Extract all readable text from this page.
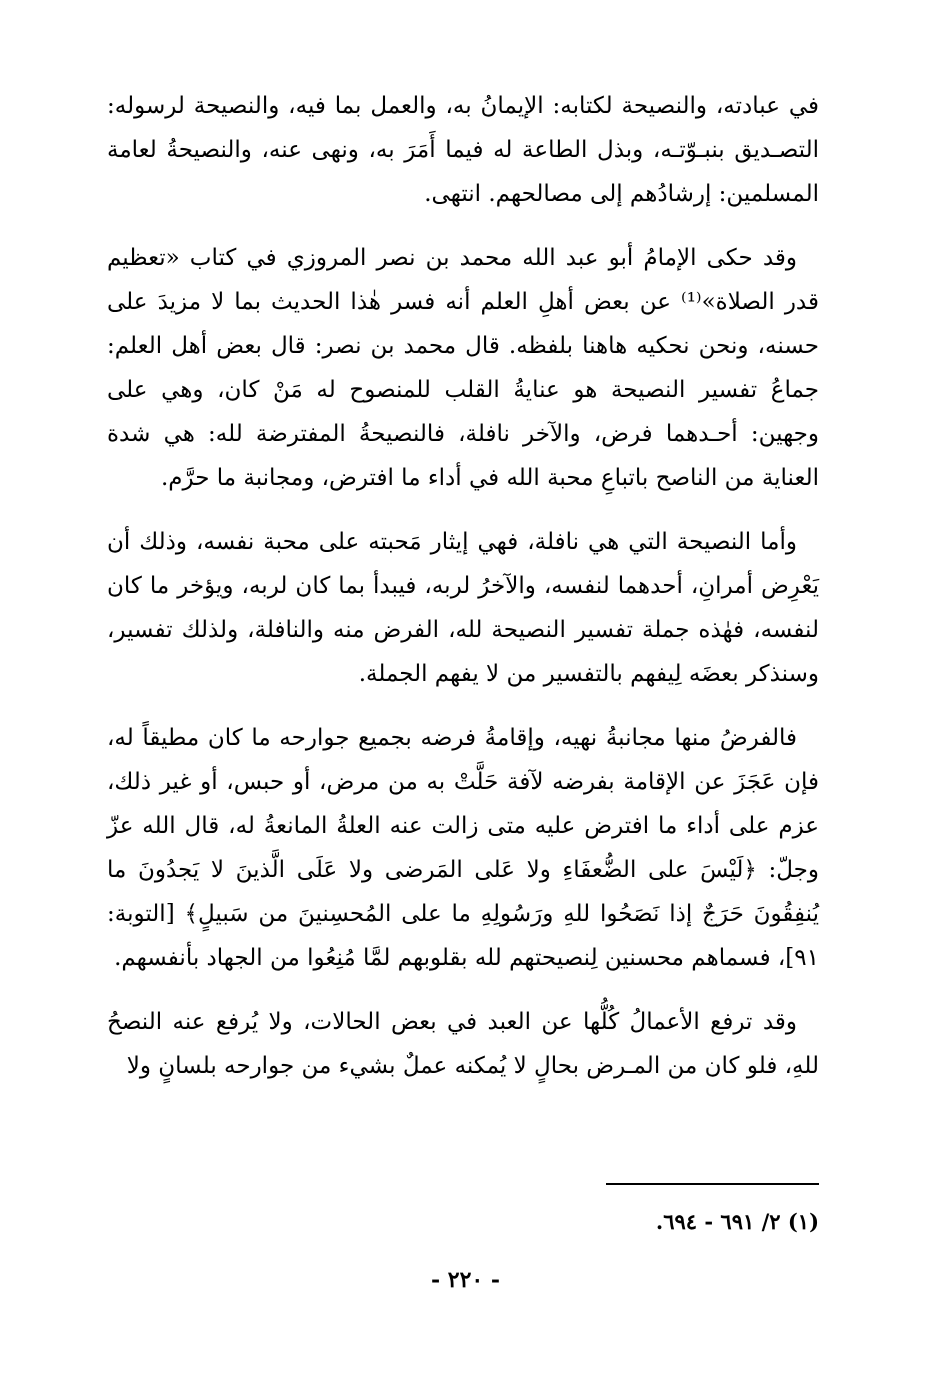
في عبادته، والنصيحة لكتابه: الإيمانُ به، والعمل بما فيه، والنصيحة لرسوله: التصـديق بنبـوّتـه، وبذل الطاعة له فيما أَمَرَ به، ونهى عنه، والنصيحةُ لعامة المسلمين: إرشادُهم إلى مصالحهم. انتهى.

وقد حكى الإمامُ أبو عبد الله محمد بن نصر المروزي في كتاب «تعظيم قدر الصلاة»⁽¹⁾ عن بعض أهلِ العلم أنه فسر هٰذا الحديث بما لا مزيدَ على حسنه، ونحن نحكيه هاهنا بلفظه. قال محمد بن نصر: قال بعض أهل العلم: جماعُ تفسير النصيحة هو عنايةُ القلب للمنصوح له مَنْ كان، وهي على وجهين: أحـدهما فرض، والآخر نافلة، فالنصيحةُ المفترضة لله: هي شدة العناية من الناصح باتباعِ محبة الله في أداء ما افترض، ومجانبة ما حرَّم.

وأما النصيحة التي هي نافلة، فهي إيثار مَحبته على محبة نفسه، وذلك أن يَعْرِض أمرانِ، أحدهما لنفسه، والآخرُ لربه، فيبدأ بما كان لربه، ويؤخر ما كان لنفسه، فهٰذه جملة تفسير النصيحة لله، الفرض منه والنافلة، ولذلك تفسير، وسنذكر بعضَه لِيفهم بالتفسير من لا يفهم الجملة.

فالفرضُ منها مجانبةُ نهيه، وإقامةُ فرضه بجميع جوارحه ما كان مطيقاً له، فإن عَجَزَ عن الإقامة بفرضه لآفة حَلَّتْ به من مرض، أو حبس، أو غير ذلك، عزم على أداء ما افترض عليه متى زالت عنه العلةُ المانعةُ له، قال الله عزّ وجلّ: ﴿لَيْسَ على الضُّعفَاءِ ولا عَلى المَرضى ولا عَلَى الَّذينَ لا يَجدُونَ ما يُنفِقُونَ حَرَجٌ إذا نَصَحُوا للهِ ورَسُولِهِ ما على المُحسِنينَ من سَبيلٍ﴾ [التوبة: ٩١]، فسماهم محسنين لِنصيحتهم لله بقلوبهم لمَّا مُنِعُوا من الجهاد بأنفسهم.

وقد ترفع الأعمالُ كُلُّها عن العبد في بعض الحالات، ولا يُرفع عنه النصحُ للهِ، فلو كان من المـرض بحالٍ لا يُمكنه عملٌ بشيء من جوارحه بلسانٍ ولا

(١) ٢/ ٦٩١ - ٦٩٤.
- ٢٢٠ -
